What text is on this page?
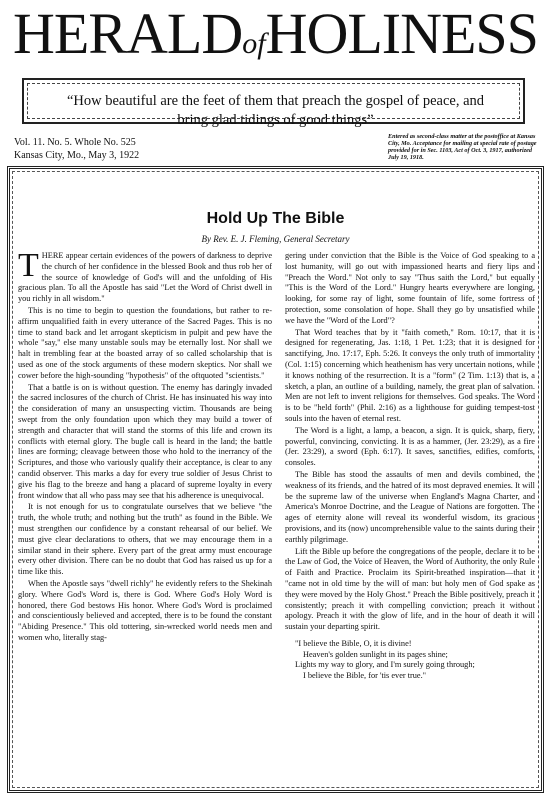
HERALDofHOLINESS
“How beautiful are the feet of them that preach the gospel of peace, and
bring glad tidings of good things”
Vol. 11. No. 5. Whole No. 525
Kansas City, Mo., May 3, 1922
Entered as second-class matter at the postoffice at Kansas City, Mo. Acceptance for mailing at special rate of postage provided for in Sec. 1103, Act of Oct. 3, 1917, authorized July 19, 1918.
Hold Up The Bible
By Rev. E. J. Fleming, General Secretary

THERE appear certain evidences of the powers of darkness to deprive the church of her confidence in the blessed Book and thus rob her of the source of knowledge of God's will and the unfolding of His gracious plan. To all the Apostle has said "Let the Word of Christ dwell in you richly in all wisdom."

This is no time to begin to question the foundations, but rather to re-affirm unqualified faith in every utterance of the Sacred Pages. This is no time to stand back and let arrogant skepticism in pulpit and pew have the whole "say," else many unstable souls may be eternally lost. Nor shall we halt in trembling fear at the boasted array of so called scholarship that is used as one of the stock arguments of these modern skeptics. Nor shall we cower before the high-sounding "hypothesis" of the oftquoted "scientists."

That a battle is on is without question. The enemy has daringly invaded the sacred inclosures of the church of Christ. He has insinuated his way into the consideration of many an unsuspecting victim. Thousands are being swept from the only foundation upon which they may build a tower of strength and character that will stand the storms of this life and crown its conflicts with eternal glory. The bugle call is heard in the land; the battle lines are forming; cleavage between those who hold to the inerrancy of the Scriptures, and those who variously qualify their acceptance, is clear to any candid observer. This marks a day for every true soldier of Jesus Christ to give his flag to the breeze and hang a placard of supreme loyalty in every front window that all who pass may see that his adherence is unequivocal.

It is not enough for us to congratulate ourselves that we believe "the truth, the whole truth; and nothing but the truth" as found in the Bible. We must strengthen our confidence by a constant rehearsal of our belief. We must give clear declarations to others, that we may encourage them in a similar stand in their sphere. Every part of the great army must encourage every other division. There can be no doubt that God has raised us up for a time like this.

When the Apostle says "dwell richly" he evidently refers to the Shekinah glory. Where God's Word is, there is God. Where God's Holy Word is honored, there God bestows His honor. Where God's Word is proclaimed and conscientiously believed and accepted, there is to be found the constant "Abiding Presence." This old tottering, sin-wrecked world needs men and women who, literally stag-

gering under conviction that the Bible is the Voice of God speaking to a lost humanity, will go out with impassioned hearts and fiery lips and "Preach the Word." Not only to say "Thus saith the Lord," but equally "This is the Word of the Lord." Hungry hearts everywhere are longing, looking, for some ray of light, some fountain of life, some fortress of protection, some consolation of hope. Shall they go by unsatisfied while we have the "Word of the Lord"?

That Word teaches that by it "faith cometh," Rom. 10:17, that it is designed for regenerating, Jas. 1:18, 1 Pet. 1:23; that it is designed for sanctifying, Jno. 17:17, Eph. 5:26. It conveys the only truth of immortality (Col. 1:15) concerning which heathenism has very uncertain notions, while it knows nothing of the resurrection. It is a "form" (2 Tim. 1:13) that is, a sketch, a plan, an outline of a building, namely, the great plan of salvation. Men are not left to invent religions for themselves. God speaks. The Word is to be "held forth" (Phil. 2:16) as a lighthouse for guiding tempest-tost souls into the haven of eternal rest.

The Word is a light, a lamp, a beacon, a sign. It is quick, sharp, fiery, powerful, convincing, convicting. It is as a hammer, (Jer. 23:29), as a fire (Jer. 23:29), a sword (Eph. 6:17). It saves, sanctifies, edifies, comforts, consoles.

The Bible has stood the assaults of men and devils combined, the weakness of its friends, and the hatred of its most depraved enemies. It will be the supreme law of the universe when England's Magna Charter, and America's Monroe Doctrine, and the League of Nations are forgotten. The ages of eternity alone will reveal its wonderful wisdom, its gracious provisions, and its (now) uncomprehensible value to the saints during their earthly pilgrimage.

Lift the Bible up before the congregations of the people, declare it to be the Law of God, the Voice of Heaven, the Word of Authority, the only Rule of Faith and Practice. Proclaim its Spirit-breathed inspiration—that it "came not in old time by the will of man: but holy men of God spake as they were moved by the Holy Ghost." Preach the Bible positively, preach it consistently; preach it with compelling conviction; preach it without apology. Preach it with the glow of life, and in the hour of death it will sustain your departing spirit.

"I believe the Bible, O, it is divine!
Heaven's golden sunlight in its pages shine;
Lights my way to glory, and I'm surely going through;
I believe the Bible, for 'tis ever true."
